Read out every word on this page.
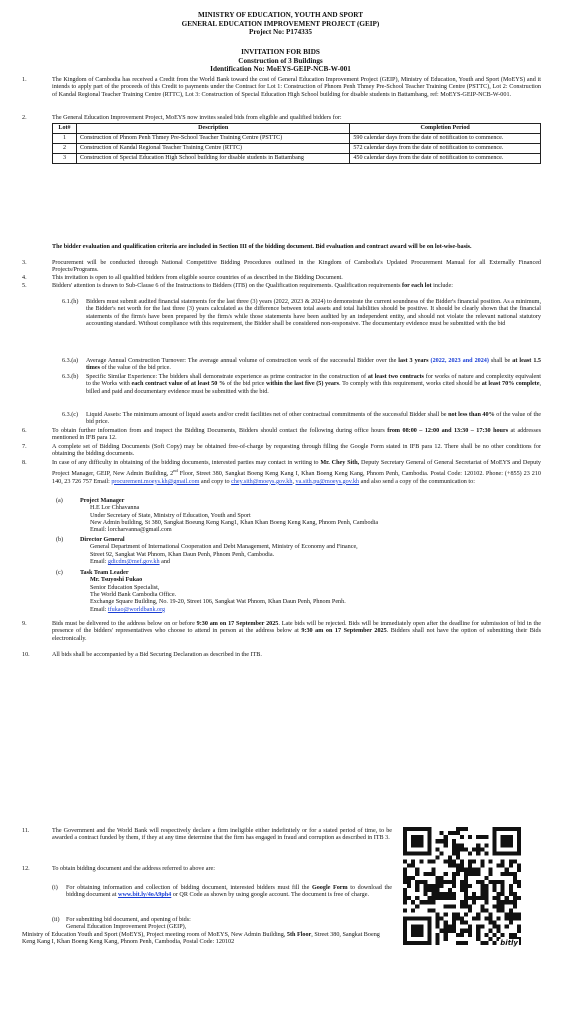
MINISTRY OF EDUCATION, YOUTH AND SPORT
GENERAL EDUCATION IMPROVEMENT PROJECT (GEIP)
Project No: P174335
INVITATION FOR BIDS
Construction of 3 Buildings
Identification No: MoEYS-GEIP-NCB-W-001
1.	The Kingdom of Cambodia has received a Credit from the World Bank toward the cost of General Education Improvement Project (GEIP), Ministry of Education, Youth and Sport (MoEYS) and it intends to apply part of the proceeds of this Credit to payments under the Contract for Lot 1: Construction of Phnom Penh Thmey Pre-School Teacher Training Centre (PSTTC), Lot 2: Construction of Kandal Regional Teacher Training Centre (RTTC), Lot 3: Construction of Special Education High School building for disable students in Battambang, ref: MoEYS-GEIP-NCB-W-001.
2.	The General Education Improvement Project, MoEYS now invites sealed bids from eligible and qualified bidders for:
Lot#	Description	Completion Period
1	Construction of Phnom Penh Thmey Pre-School Teacher Training Centre (PSTTC)	590 calendar days from the date of notification to commence.
2	Construction of Kandal Regional Teacher Training Centre (RTTC)	572 calendar days from the date of notification to commence.
3	Construction of Special Education High School building for disable students in Battambang	450 calendar days from the date of notification to commence.
The bidder evaluation and qualification criteria are included in Section III of the bidding document. Bid evaluation and contract award will be on lot-wise-basis.
3.	Procurement will be conducted through National Competitive Bidding Procedures outlined in the Kingdom of Cambodia's Updated Procurement Manual for all Externally Financed Projects/Programs.
4.	This invitation is open to all qualified bidders from eligible source countries of as described in the Bidding Document.
5.	Bidders' attention is drawn to Sub-Clause 6 of the Instructions to Bidders (ITB) on the Qualification requirements. Qualification requirements for each lot include:
6.1.(h) Bidders must submit audited financial statements for the last three (3) years (2022, 2023 & 2024) to demonstrate the current soundness of the Bidder's financial position. As a minimum, the Bidder's net worth for the last three (3) years calculated as the difference between total assets and total liabilities should be positive. It should be clearly shown that the financial statements of the firm/s have been prepared by the firm/s while those statements have been audited by an independent entity, and should not violate the relevant national statutory accounting standard. Without compliance with this requirement, the Bidder shall be considered non-responsive. The documentary evidence must be submitted with the bid
6.3.(a) Average Annual Construction Turnover: The average annual volume of construction work of the successful Bidder over the last 3 years (2022, 2023 and 2024) shall be at least 1.5 times of the value of the bid price.
6.3.(b) Specific Similar Experience: The bidders shall demonstrate experience as prime contractor in the construction of at least two contracts for works of nature and complexity equivalent to the Works with each contract value of at least 50 % of the bid price within the last five (5) years. To comply with this requirement, works cited should be at least 70% complete, billed and paid and documentary evidence must be submitted with the bid.
6.3.(c) Liquid Assets: The minimum amount of liquid assets and/or credit facilities net of other contractual commitments of the successful Bidder shall be not less than 40% of the value of the bid price.
6.	To obtain further information from and inspect the Bidding Documents, Bidders should contact the following during office hours from 08:00 – 12:00 and 13:30 – 17:30 hours at addresses mentioned in IFB para 12.
7.	A complete set of Bidding Documents (Soft Copy) may be obtained free-of-charge by requesting through filling the Google Form stated in IFB para 12. There shall be no other conditions for obtaining the bidding documents.
8.	In case of any difficulty in obtaining of the bidding documents, interested parties may contact in writing to Mr. Chey Sith, Deputy Secretary General of General Secretariat of MoEYS and Deputy Project Manager, GEIP, New Admin Building, 2nd Floor, Street 380, Sangkat Boeng Keng Kang I, Khan Boeng Keng Kang, Phnom Penh, Cambodia. Postal Code: 120102. Phone: (+855) 23 210 140, 23 726 757 Email: procurement.moeys.kh@gmail.com and copy to chey.sith@moeys.gov.kh, va.sith.pu@moeys.gov.kh and also send a copy of the communication to:
(a)	Project Manager
H.E Lor Chhavanna
Under Secretary of State, Ministry of Education, Youth and Sport
New Admin building, St 380, Sangkat Boeung Keng Kang1, Khan Khan Boeng Keng Kang, Phnom Penh, Cambodia
Email: lorcharvanna@gmail.com
(b)	Director General
General Department of International Cooperation and Debt Management, Ministry of Economy and Finance,
Street 92, Sangkat Wat Phnom, Khan Daun Penh, Phnom Penh, Cambodia.
Email: gdicdm@mef.gov.kh and
(c)	Task Team Leader
Mr. Tsuyoshi Fukao
Senior Education Specialist,
The World Bank Cambodia Office.
Exchange Square Building, No. 19-20, Street 106, Sangkat Wat Phnom, Khan Daun Penh, Phnom Penh.
Email: tfukao@worldbank.org
9.	Bids must be delivered to the address below on or before 9:30 am on 17 September 2025. Late bids will be rejected. Bids will be immediately open after the deadline for submission of bid in the presence of the bidders' representatives who choose to attend in person at the address below at 9:30 am on 17 September 2025. Bidders shall not have the option of submitting their Bids electronically.
10.	All bids shall be accompanied by a Bid Securing Declaration as described in the ITB.
11.	The Government and the World Bank will respectively declare a firm ineligible either indefinitely or for a stated period of time, to be awarded a contract funded by them, if they at any time determine that the firm has engaged in fraud and corruption as described in ITB 3.
12.	To obtain bidding document and the address referred to above are:
(i) For obtaining information and collection of bidding document, interested bidders must fill the Google Form to download the bidding document at www.bit.ly/4oA9ph4 or QR Code as shown by using google account. The document is free of charge.
(ii) For submitting bid document, and opening of bids:
General Education Improvement Project (GEIP),
Ministry of Education Youth and Sport (MoEYS), Project meeting room of MoEYS, New Admin Building, 5th Floor, Street 380, Sangkat Boeng Keng Kang I, Khan Boeng Keng Kang, Phnom Penh, Cambodia, Postal Code: 120102	bitly
